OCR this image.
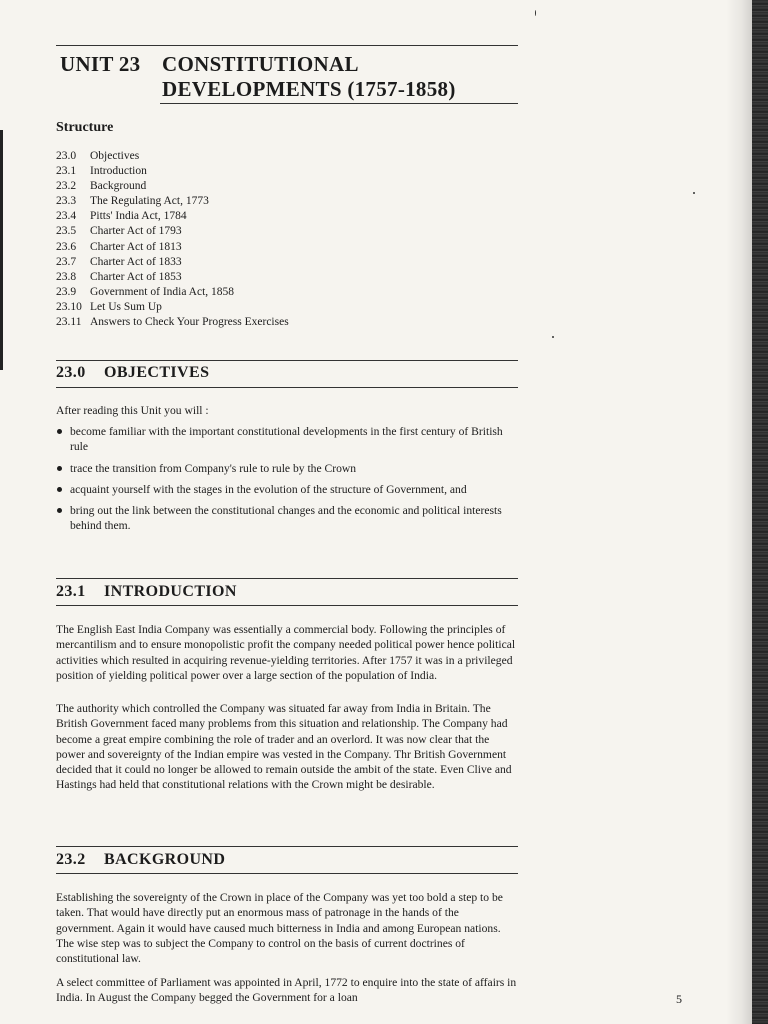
UNIT 23 CONSTITUTIONAL
DEVELOPMENTS (1757-1858)
Structure
23.0 Objectives
23.1 Introduction
23.2 Background
23.3 The Regulating Act, 1773
23.4 Pitts' India Act, 1784
23.5 Charter Act of 1793
23.6 Charter Act of 1813
23.7 Charter Act of 1833
23.8 Charter Act of 1853
23.9 Government of India Act, 1858
23.10 Let Us Sum Up
23.11 Answers to Check Your Progress Exercises
23.0 OBJECTIVES
After reading this Unit you will :
become familiar with the important constitutional developments in the first century of British rule
trace the transition from Company's rule to rule by the Crown
acquaint yourself with the stages in the evolution of the structure of Government, and
bring out the link between the constitutional changes and the economic and political interests behind them.
23.1 INTRODUCTION
The English East India Company was essentially a commercial body. Following the principles of mercantilism and to ensure monopolistic profit the company needed political power hence political activities which resulted in acquiring revenue-yielding territories. After 1757 it was in a privileged position of yielding political power over a large section of the population of India.
The authority which controlled the Company was situated far away from India in Britain. The British Government faced many problems from this situation and relationship. The Company had become a great empire combining the role of trader and an overlord. It was now clear that the power and sovereignty of the Indian empire was vested in the Company. Thr British Government decided that it could no longer be allowed to remain outside the ambit of the state. Even Clive and Hastings had held that constitutional relations with the Crown might be desirable.
23.2 BACKGROUND
Establishing the sovereignty of the Crown in place of the Company was yet too bold a step to be taken. That would have directly put an enormous mass of patronage in the hands of the government. Again it would have caused much bitterness in India and among European nations. The wise step was to subject the Company to control on the basis of current doctrines of constitutional law.
A select committee of Parliament was appointed in April, 1772 to enquire into the state of affairs in India. In August the Company begged the Government for a loan	5
